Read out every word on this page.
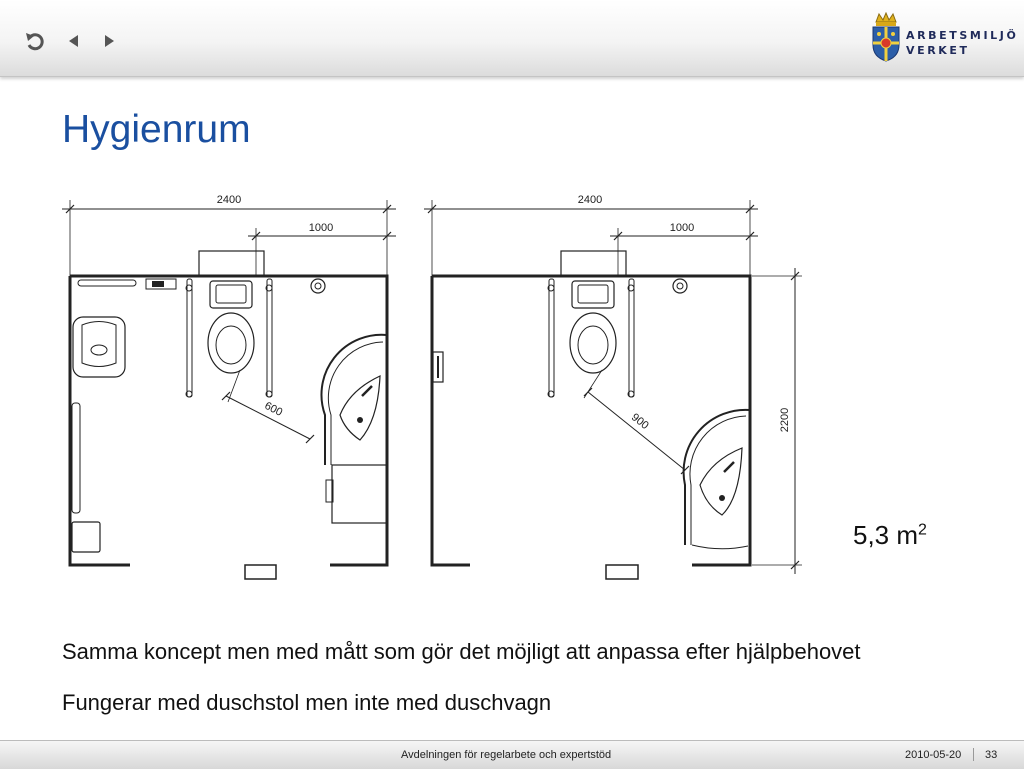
ARBETSMILJÖ
VERKET
Hygienrum
2400
1000
600
2400
1000
900	2200
5,3 $m^2$

Samma koncept men med mått som gör det möjligt att anpassa efter hjälpbehovet

Fungerar med duschstol men inte med duschvagn

Avdelningen för regelarbete och expertstöd	2010-05-20 33
